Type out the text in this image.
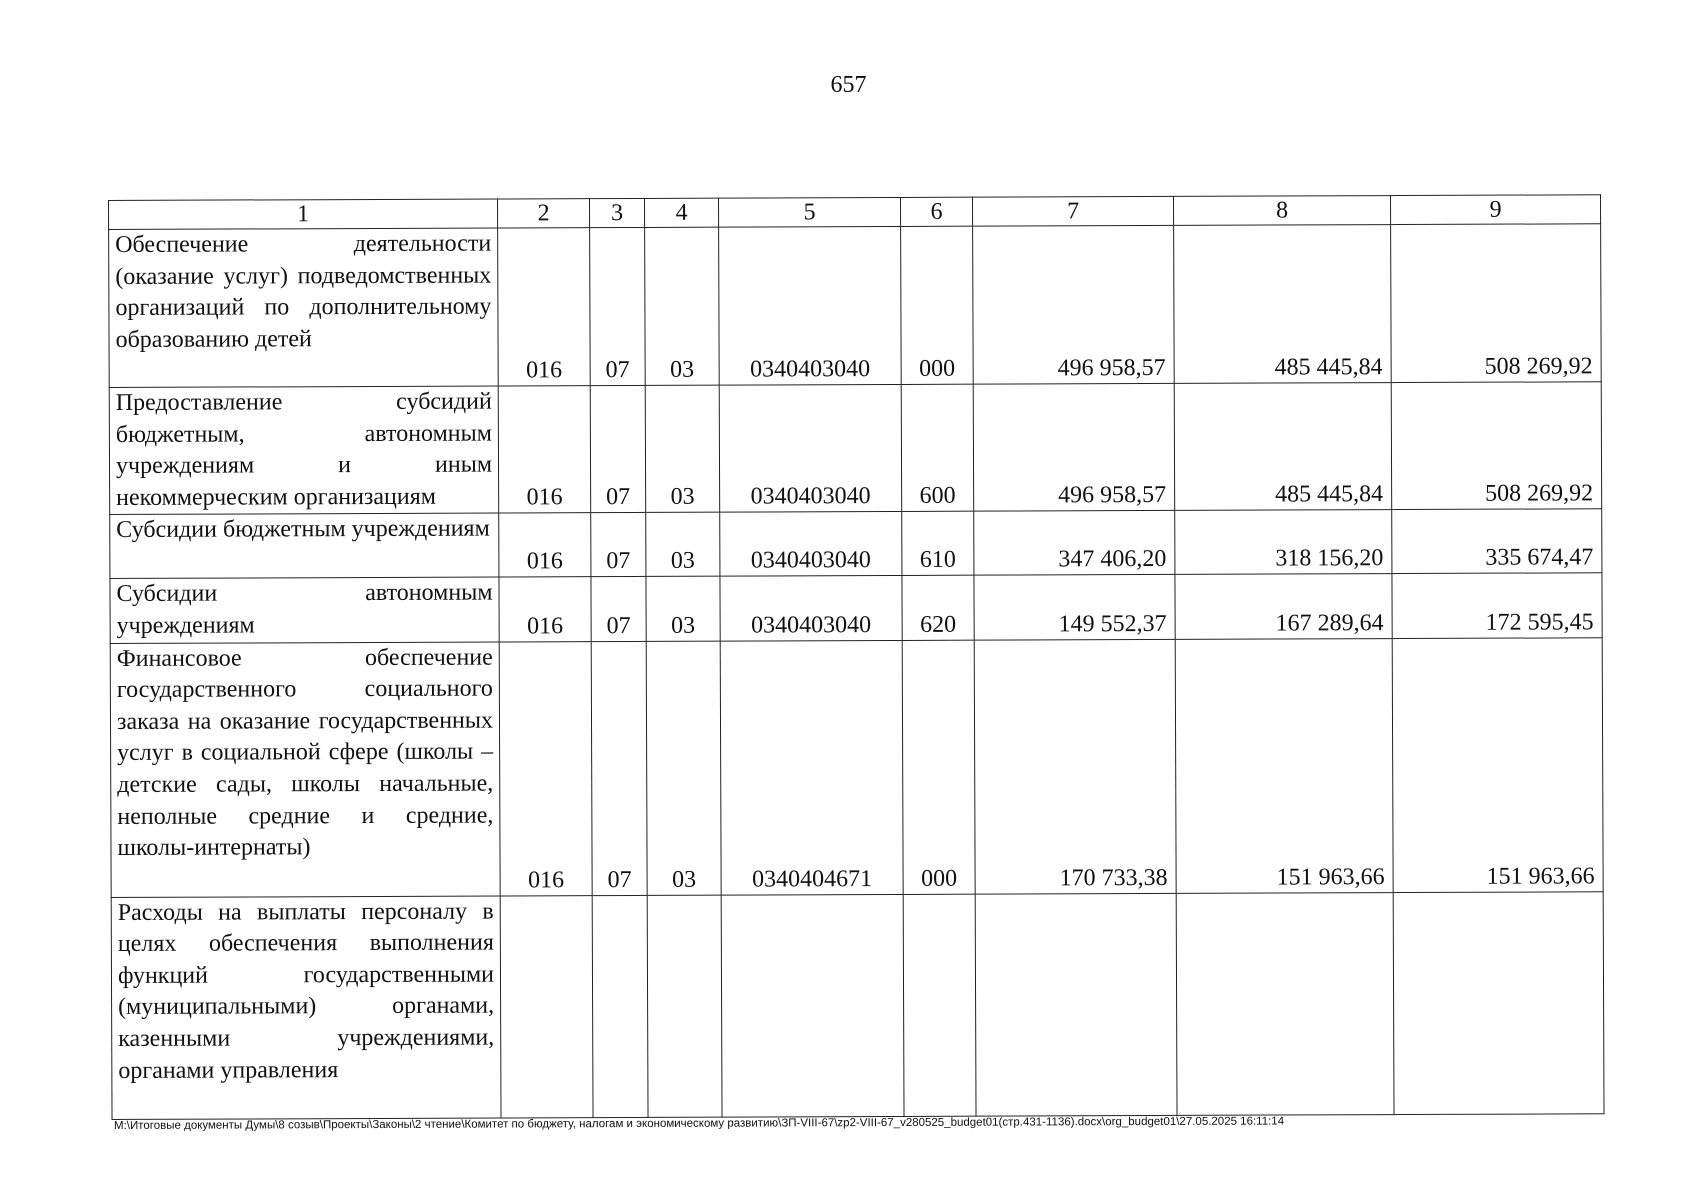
657
1	2	3	4	5	6	7	8	9
Обеспечение деятельности (оказание услуг) подведомственных организаций по дополнительному образованию детей	016	07	03	0340403040	000	496 958,57	485 445,84	508 269,92
Предоставление субсидий бюджетным, автономным учреждениям и иным некоммерческим организациям	016	07	03	0340403040	600	496 958,57	485 445,84	508 269,92
Субсидии бюджетным учреждениям	016	07	03	0340403040	610	347 406,20	318 156,20	335 674,47
Субсидии автономным учреждениям	016	07	03	0340403040	620	149 552,37	167 289,64	172 595,45
Финансовое обеспечение государственного социального заказа на оказание государственных услуг в социальной сфере (школы – детские сады, школы начальные, неполные средние и средние, школы-интернаты)	016	07	03	0340404671	000	170 733,38	151 963,66	151 963,66
Расходы на выплаты персоналу в целях обеспечения выполнения функций государственными (муниципальными) органами, казенными учреждениями, органами управления								
M:\Итоговые документы Думы\8 созыв\Проекты\Законы\2 чтение\Комитет по бюджету, налогам и экономическому развитию\ЗП-VIII-67\zp2-VIII-67_v280525_budget01(стр.431-1136).docx\org_budget01\27.05.2025 16:11:14
